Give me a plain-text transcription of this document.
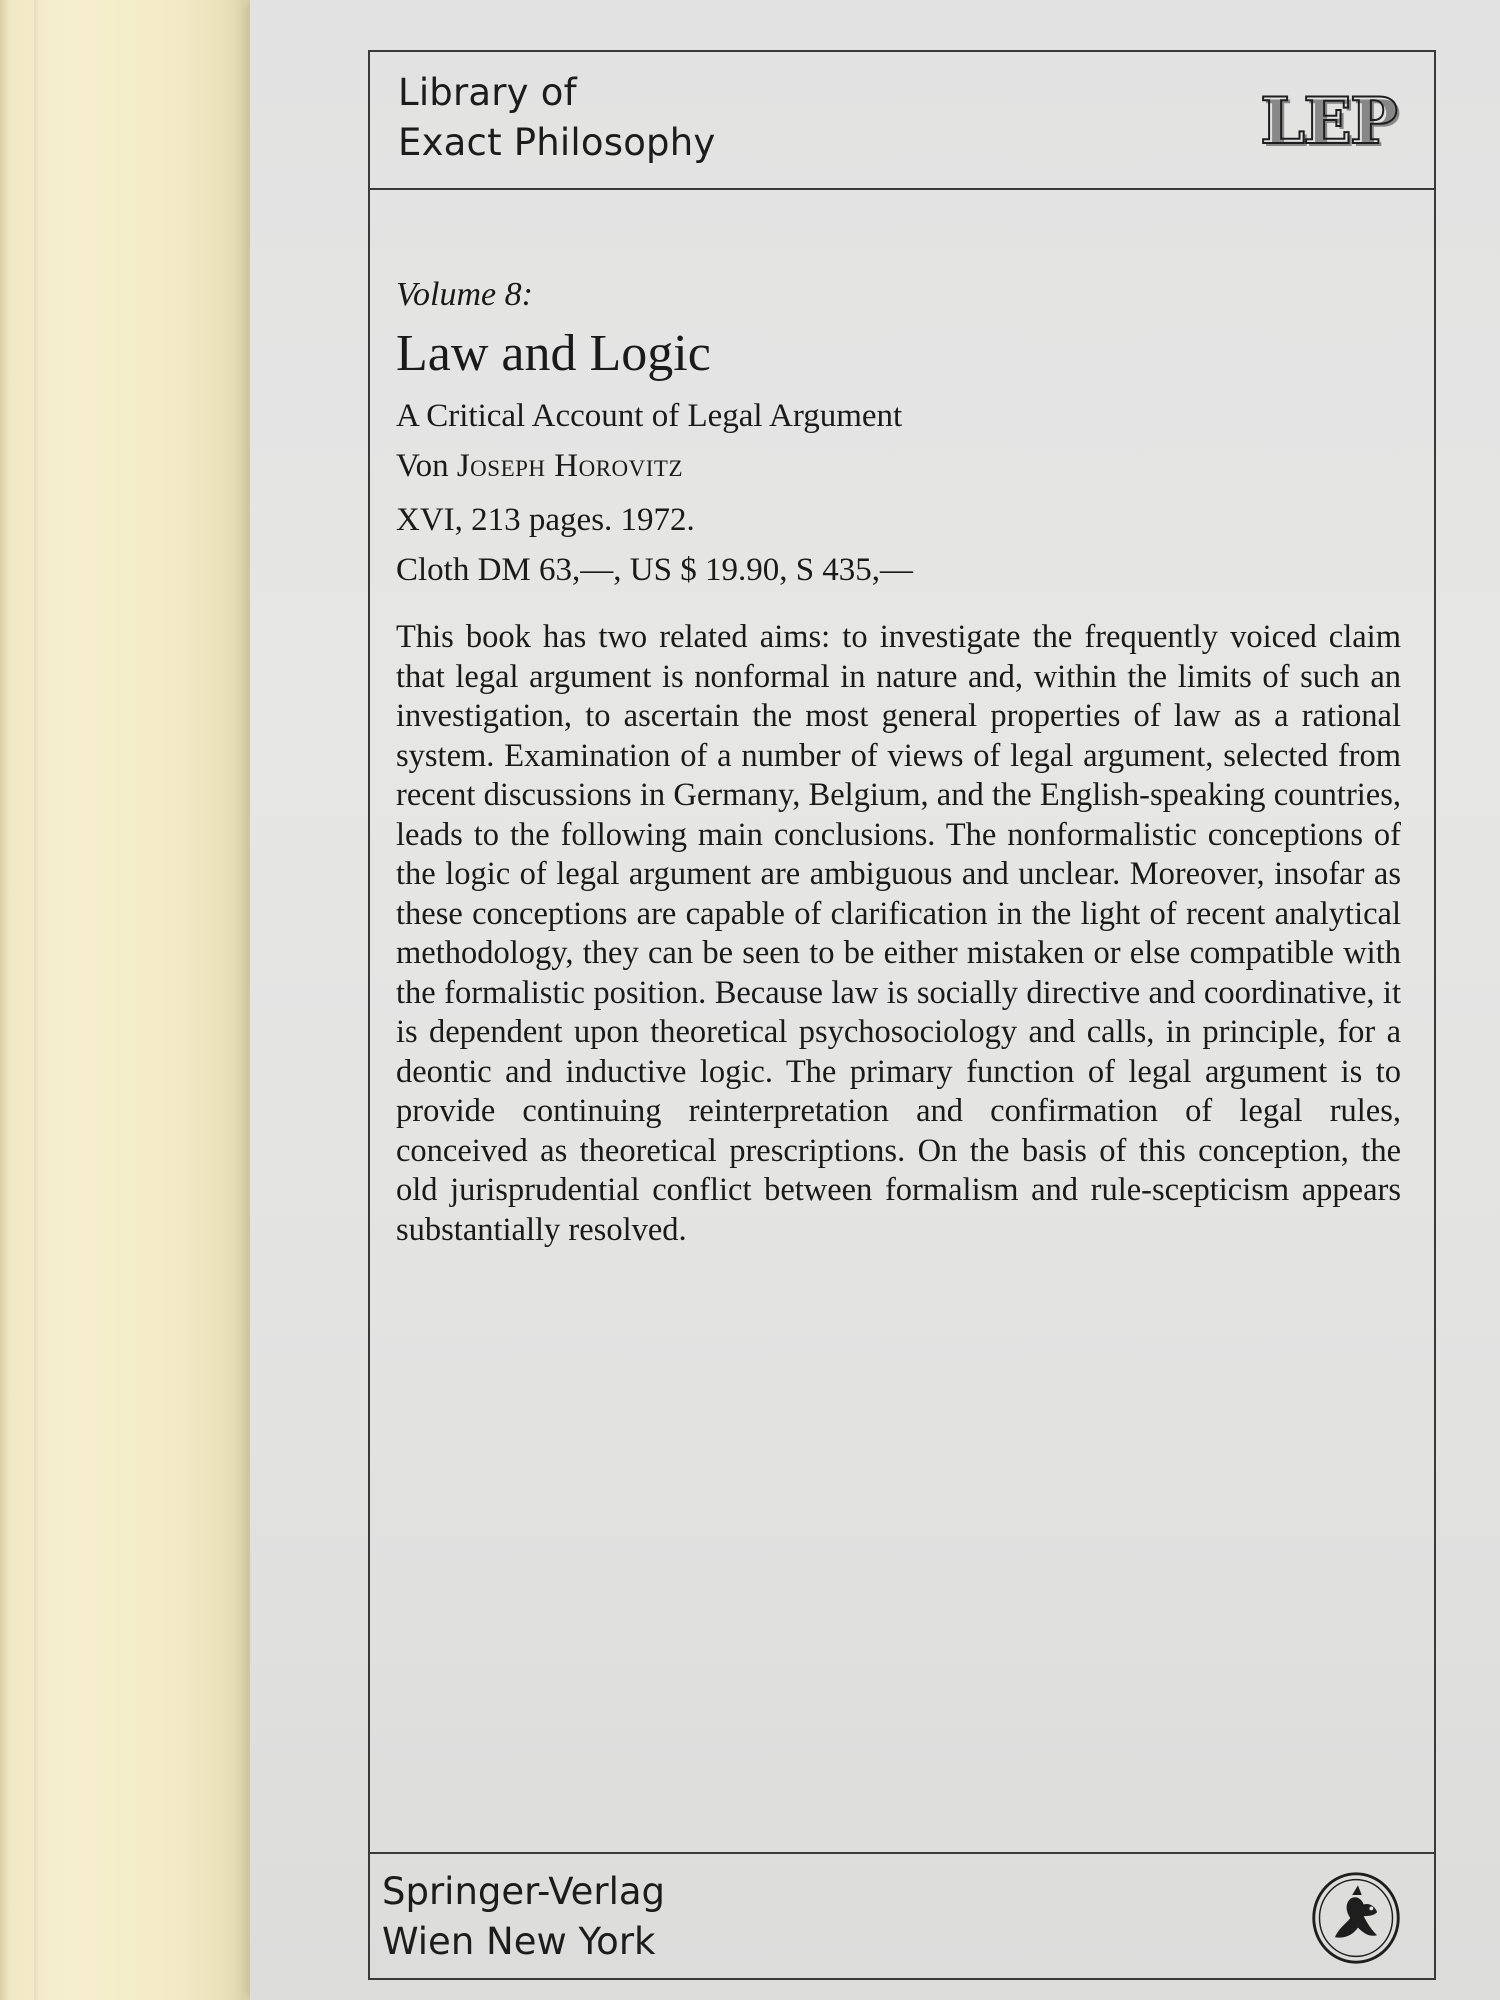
Library of
Exact Philosophy	LEP
Volume 8:
Law and Logic
A Critical Account of Legal Argument
Von Joseph Horovitz
XVI, 213 pages. 1972.
Cloth DM 63,—, US $ 19.90, S 435,—

This book has two related aims: to investigate the frequently voiced claim that legal argument is nonformal in nature and, within the limits of such an investigation, to ascertain the most general properties of law as a rational system. Examination of a number of views of legal argument, selected from recent discussions in Germany, Belgium, and the English-speaking countries, leads to the following main conclusions. The nonformalistic conceptions of the logic of legal argument are ambiguous and unclear. Moreover, insofar as these conceptions are capable of clarification in the light of recent analytical methodology, they can be seen to be either mistaken or else compatible with the formalistic position. Because law is socially directive and coordinative, it is dependent upon theoretical psychosociology and calls, in principle, for a deontic and inductive logic. The primary function of legal argument is to provide continuing reinterpretation and confirmation of legal rules, conceived as theoretical prescriptions. On the basis of this conception, the old jurisprudential conflict between formalism and rule-scepticism appears substantially resolved.

Springer-Verlag
Wien New York
